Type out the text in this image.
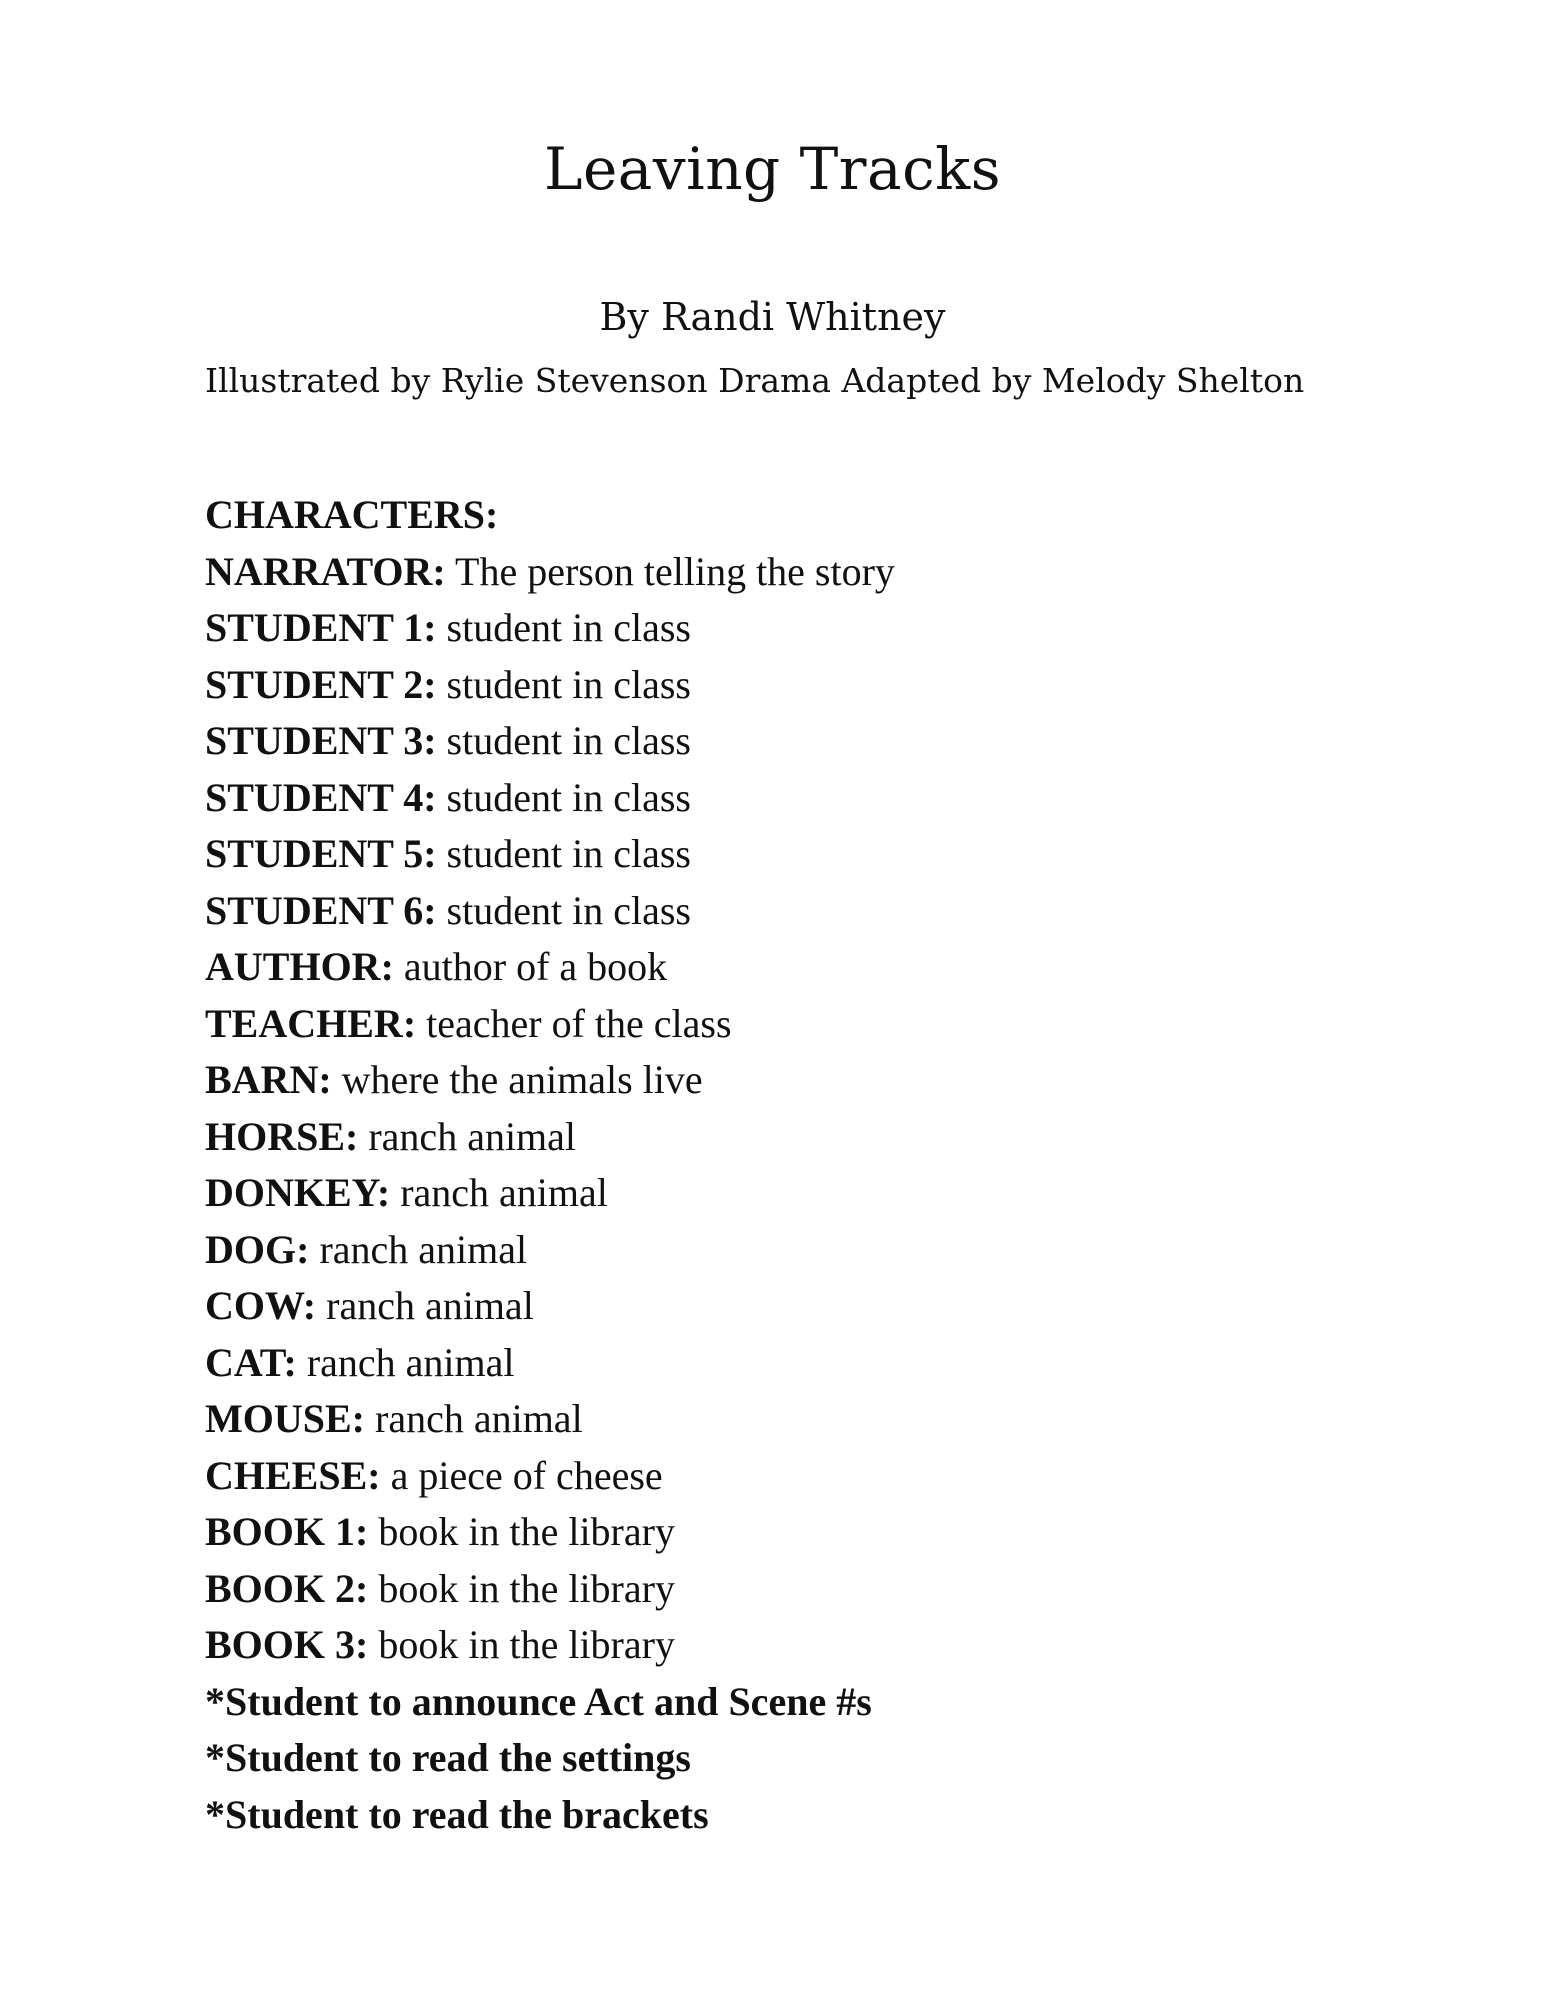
Leaving Tracks

By Randi Whitney

Illustrated by Rylie Stevenson Drama Adapted by Melody Shelton

CHARACTERS:
NARRATOR: The person telling the story
STUDENT 1: student in class
STUDENT 2: student in class
STUDENT 3: student in class
STUDENT 4: student in class
STUDENT 5: student in class
STUDENT 6: student in class
AUTHOR: author of a book
TEACHER: teacher of the class
BARN: where the animals live
HORSE: ranch animal
DONKEY: ranch animal
DOG: ranch animal
COW: ranch animal
CAT: ranch animal
MOUSE: ranch animal
CHEESE: a piece of cheese
BOOK 1: book in the library
BOOK 2: book in the library
BOOK 3: book in the library
*Student to announce Act and Scene #s
*Student to read the settings
*Student to read the brackets
